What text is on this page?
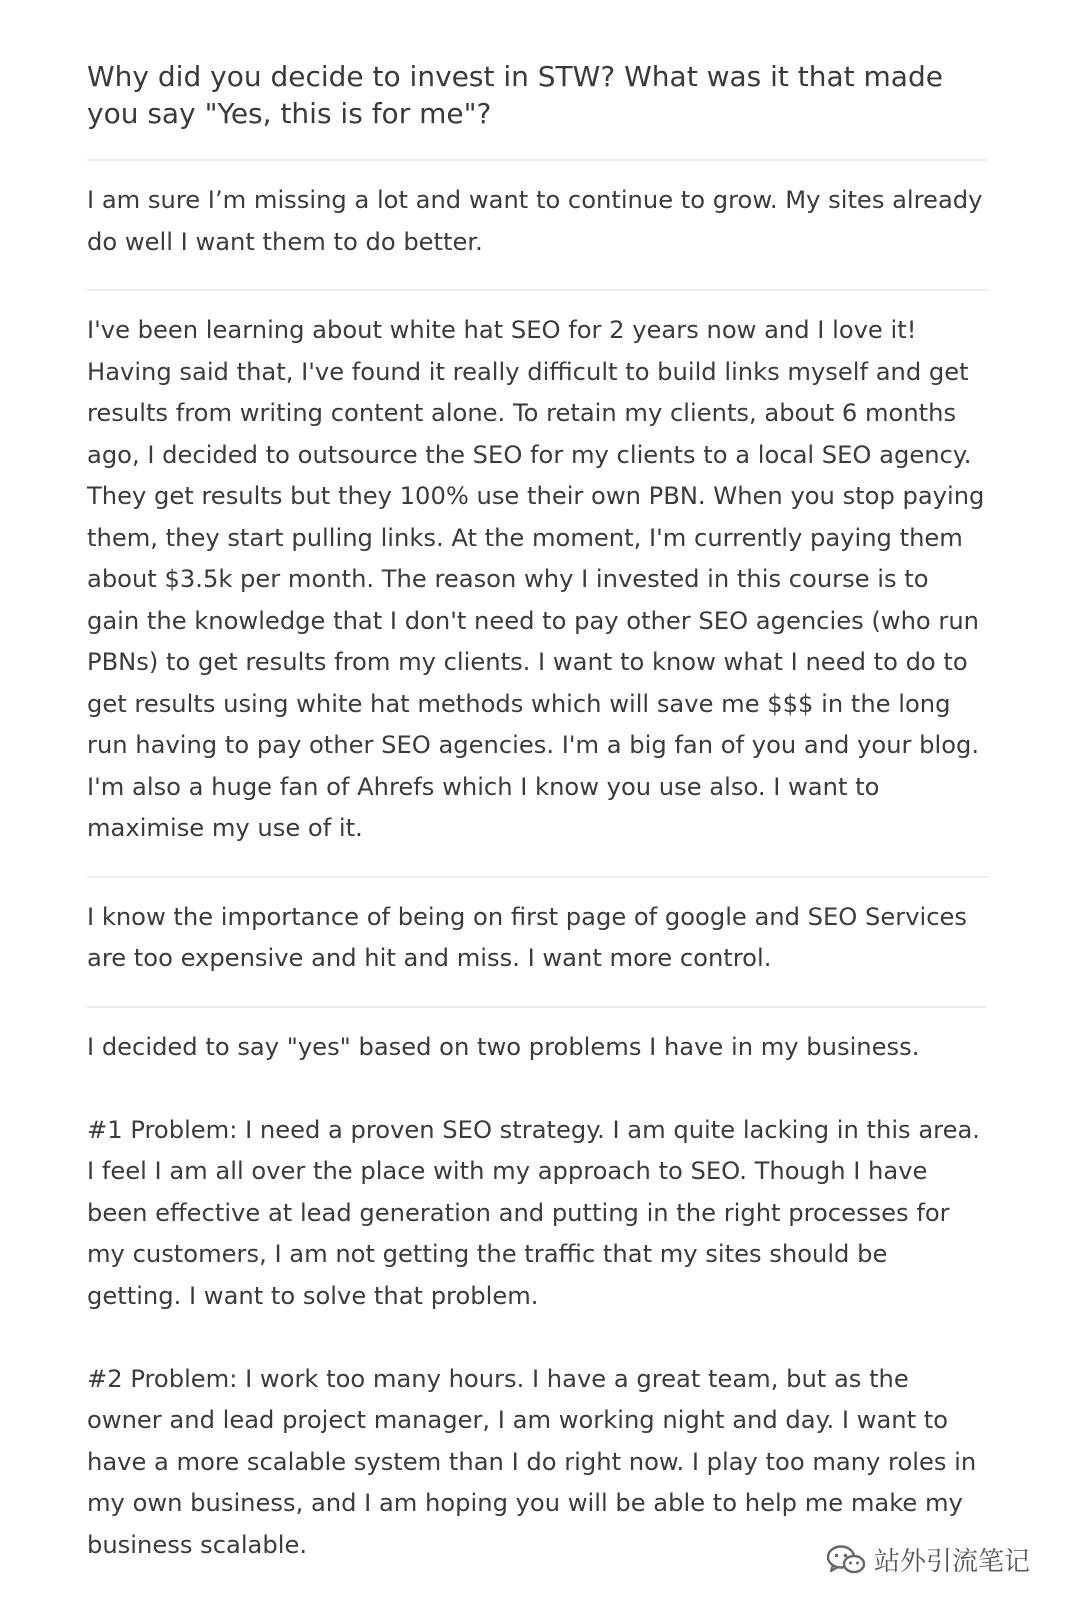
Why did you decide to invest in STW? What was it that made you say "Yes, this is for me"?

I am sure I’m missing a lot and want to continue to grow. My sites already do well I want them to do better.

I've been learning about white hat SEO for 2 years now and I love it! Having said that, I've found it really difficult to build links myself and get results from writing content alone. To retain my clients, about 6 months ago, I decided to outsource the SEO for my clients to a local SEO agency. They get results but they 100% use their own PBN. When you stop paying them, they start pulling links. At the moment, I'm currently paying them about $3.5k per month. The reason why I invested in this course is to gain the knowledge that I don't need to pay other SEO agencies (who run PBNs) to get results from my clients. I want to know what I need to do to get results using white hat methods which will save me $$$ in the long run having to pay other SEO agencies. I'm a big fan of you and your blog. I'm also a huge fan of Ahrefs which I know you use also. I want to maximise my use of it.

I know the importance of being on first page of google and SEO Services are too expensive and hit and miss. I want more control.

I decided to say "yes" based on two problems I have in my business.

#1 Problem: I need a proven SEO strategy. I am quite lacking in this area. I feel I am all over the place with my approach to SEO. Though I have been effective at lead generation and putting in the right processes for my customers, I am not getting the traffic that my sites should be getting. I want to solve that problem.

#2 Problem: I work too many hours. I have a great team, but as the owner and lead project manager, I am working night and day. I want to have a more scalable system than I do right now. I play too many roles in my own business, and I am hoping you will be able to help me make my business scalable.

站外引流笔记
